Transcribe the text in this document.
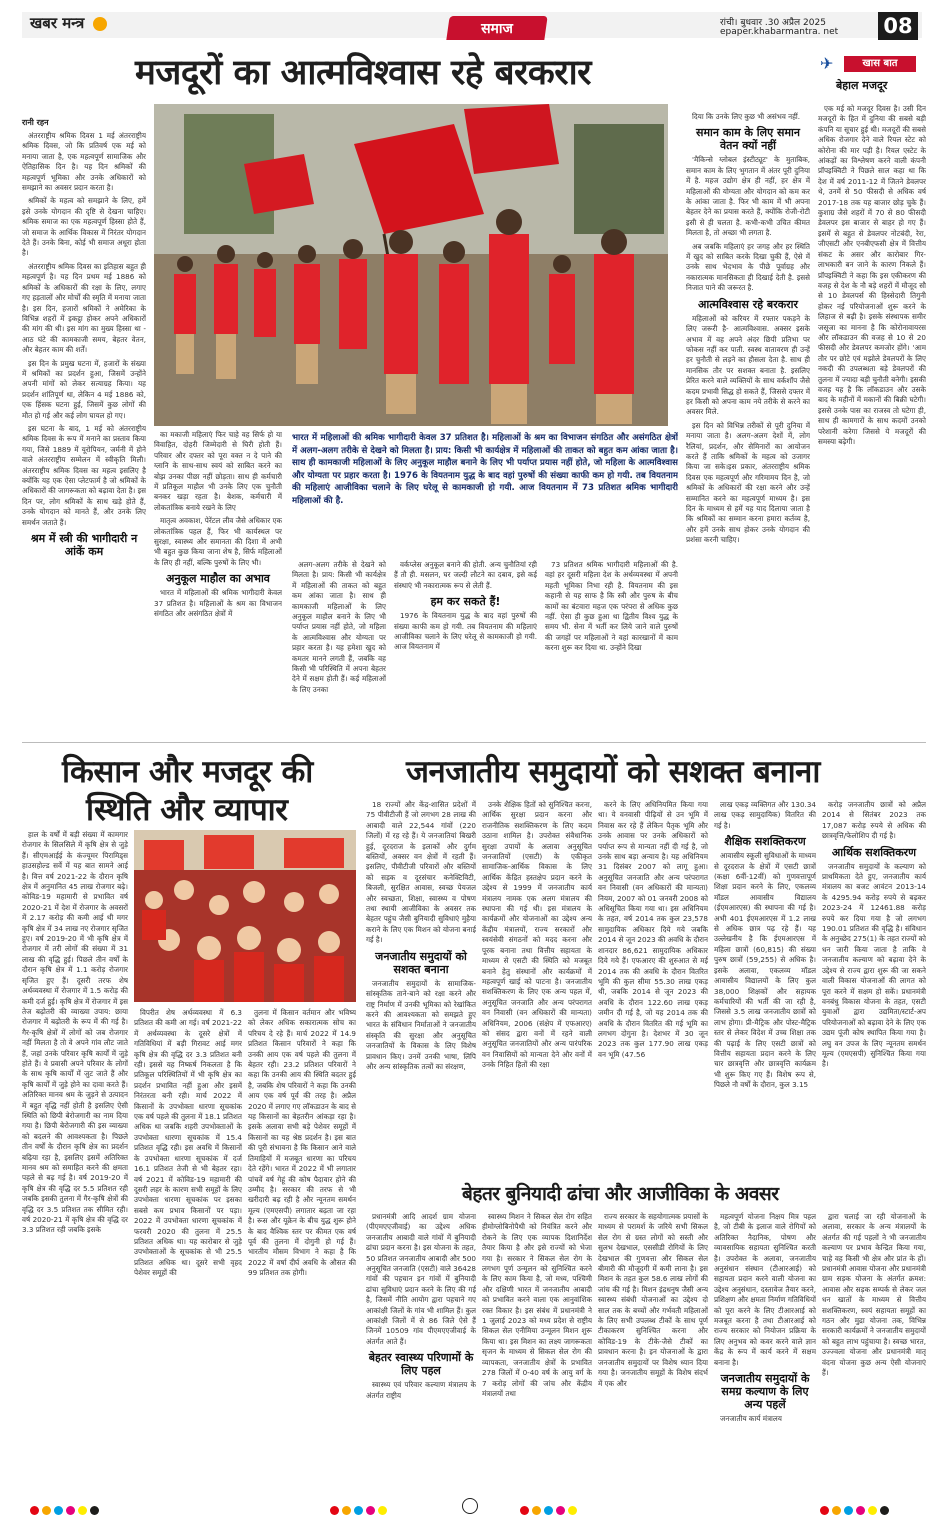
खबर मन्त्र	समाज	रांची। बुधवार .30 अप्रैल 2025
epaper.khabarmantra. net 08
मजदूरों का आत्मविश्वास रहे बरकरार	✈	खास बात
बेहाल मजदूर
रानी रहन

अंतरराष्ट्रीय श्रमिक दिवस 1 मई अंतरराष्ट्रीय श्रमिक दिवस, जो कि प्रतिवर्ष एक मई को मनाया जाता है, एक महत्वपूर्ण सामाजिक और ऐतिहासिक दिन है। यह दिन श्रमिकों की महत्वपूर्ण भूमिका और उनके अधिकारों को समझाने का अवसर प्रदान करता है।

श्रमिकों के महत्व को समझाने के लिए, हमें इसे उनके योगदान की दृष्टि से देखना चाहिए। श्रमिक समाज का एक महत्वपूर्ण हिस्सा होते हैं, जो समाज के आर्थिक विकास में निरंतर योगदान देते हैं। उनके बिना, कोई भी समाज अधूरा होता है।

अंतरराष्ट्रीय श्रमिक दिवस का इतिहास बहुत ही महत्वपूर्ण है। यह दिन प्रथम मई 1886 को श्रमिकों के अधिकारों की रक्षा के लिए, लगाए गए हड़तालों और मोर्चों की स्मृति में मनाया जाता है। इस दिन, हजारों श्रमिकों ने अमेरिका के विभिन्न शहरों में इकट्ठा होकर अपने अधिकारों की मांग की थी। इस मांग का मुख्य हिस्सा था - आठ घंटे की कामकाजी समय, बेहतर वेतन, और बेहतर काम की शर्तें।

इस दिन के प्रमुख घटना में, हजारों के संख्या में श्रमिकों का प्रदर्शन हुआ, जिसमें उन्होंने अपनी मांगों को लेकर सत्याग्रह किया। यह प्रदर्शन शांतिपूर्ण था, लेकिन 4 मई 1886 को, एक हिंसक घटना हुई, जिसमें कुछ लोगों की मौत हो गई और कई लोग घायल हो गए।

इस घटना के बाद, 1 मई को अंतरराष्ट्रीय श्रमिक दिवस के रूप में मनाने का प्रस्ताव किया गया, जिसे 1889 में यूरोपियन, जर्मनी में होने वाले अंतरराष्ट्रीय सम्मेलन में स्वीकृति मिली।अंतरराष्ट्रीय श्रमिक दिवस का महत्व इसलिए है क्योंकि यह एक ऐसा प्लेटफार्म है जो श्रमिकों के अधिकारों की जागरूकता को बढ़ावा देता है। इस दिन पर, लोग श्रमिकों के साथ खड़े होते हैं, उनके योगदान को मानते हैं, और उनके लिए समर्थन जताते हैं।

श्रम में स्त्री की भागीदारी न आंकें कम

का मकाजी महिलाएं फिर चाहे वह सिर्फ हो या विवाहित, दोहरी जिम्मेदारी से घिरी होती हैं। परिवार और दफ्तर को पूरा वक्त न दे पाने की ग्लानि के साथ-साथ स्वयं को साबित करने का बोझ उनका पीछा नहीं छोड़ता। साथ ही कर्मचारी में प्रतिकूल माहौल भी उनके लिए एक चुनौती बनकर खड़ा रहता है। बेशक, कर्मचारी में लोकतांत्रिक बनाये रखने के लिए

मातृत्व अवकाश, पेरेंटल लीव जैसे अधिकार एक लोकतांत्रिक पहल हैं, फिर भी कार्यस्थल पर सुरक्षा, स्वास्थ्य और समानता की दिशा में अभी भी बहुत कुछ किया जाना शेष है, सिर्फ महिलाओं के लिए ही नहीं, बल्कि पुरुषों के लिए भी।

अनुकूल माहौल का अभाव

भारत में महिलाओं की श्रमिक भागीदारी केवल 37 प्रतिशत है। महिलाओं के श्रम का विभाजन संगठित और असंगठित क्षेत्रों में

भारत में महिलाओं की श्रमिक भागीदारी केवल 37 प्रतिशत है। महिलाओं के श्रम का विभाजन संगठित और असंगठित क्षेत्रों में अलग-अलग तरीके से देखने को मिलता है। प्राय: किसी भी कार्यक्षेत्र में महिलाओं की ताकत को बहुत कम आंका जाता है। साथ ही कामकाजी महिलाओं के लिए अनुकूल माहौल बनाने के लिए भी पर्याप्त प्रयास नहीं होते, जो महिला के आत्मविश्वास और योग्यता पर प्रहार करता है। 1976 के वियतनाम युद्ध के बाद वहां पुरुषों की संख्या काफी कम हो गयी. तब वियतनाम की महिलाएं आजीविका चलाने के लिए घरेलू से कामकाजी हो गयी. आज वियतनाम में 73 प्रतिशत श्रमिक भागीदारी महिलाओं की है.

अलग-अलग तरीके से देखने को मिलता है। प्राय: किसी भी कार्यक्षेत्र में महिलाओं की ताकत को बहुत कम आंका जाता है। साथ ही कामकाजी महिलाओं के लिए अनुकूल माहौल बनाने के लिए भी पर्याप्त प्रयास नहीं होते, जो महिला के आत्मविश्वास और योग्यता पर प्रहार करता है। यह हमेशा खुद को कमतर मानने लगती हैं, जबकि वह किसी भी परिस्थिति में अपना बेहतर देने में सक्षम होती हैं। कई महिलाओं के लिए उनका

वर्कप्लेस अनुकूल बनाने की होती. अन्य चुनौतियां रही हैं तौ ही. मसलन, घर जल्दी लौटने का दबाव, इसे कई संस्थाएं भी नकारात्मक रूप से लेती हैं.

हम कर सकते हैं!

1976 के वियतनाम युद्ध के बाद वहां पुरुषों की संख्या काफी कम हो गयी. तब वियतनाम की महिलाएं आजीविका चलाने के लिए घरेलू से कामकाजी हो गयी. आज वियतनाम में

73 प्रतिशत श्रमिक भागीदारी महिलाओं की है. वहां हर दूसरी महिला देश के अर्थव्यवस्था में अपनी महती भूमिका निभा रही है. वियतनाम की इस कहानी से यह साफ है कि स्त्री और पुरुष के बीच कामों का बंटवारा महज एक परंपरा से अधिक कुछ नहीं. ऐसा ही कुछ हुआ था द्वितीय विश्व युद्ध के समय भी. सेना में भर्ती कर लिये जाने वाले पुरुषों की जगहों पर महिलाओं ने वहां कारखानों में काम करना शुरू कर दिया था. उन्होंने दिखा

दिया कि उनके लिए कुछ भी असंभव नहीं.

समान काम के लिए समान वेतन क्यों नहीं

'मैकिन्से ग्लोबल इंस्टीट्यूट' के मुताबिक, समान काम के लिए भुगतान में अंतर पूरी दुनिया में है. महज उद्योग क्षेत्र ही नहीं, हर क्षेत्र में महिलाओं की योग्यता और योगदान को कम कर के आंका जाता है. फिर भी काम में भी अपना बेहतर देने का प्रयास करते हैं, क्योंकि रोजी-रोटी इसी से ही चलता है. कभी-कभी उचित कीमत मिलता है, तो अच्छा भी लगता है.

अब जबकि महिलाएं हर जगह और हर स्थिति में खुद को साबित करके दिखा चुकी हैं, ऐसे में उनके साथ भेदभाव के पीछे पूर्वाग्रह और नकारात्मक मानसिकता ही दिखाई देती है. इससे निजात पाने की जरूरत है.

आत्मविश्वास रहे बरकरार

महिलाओं को करियर में रफ्तार पकड़ने के लिए जरूरी है- आत्मविश्वास. अक्सर इसके अभाव में वह अपने अंदर छिपी प्रतिभा पर फोकस नहीं कर पाती. स्वस्थ वातावरण ही उन्हें हर चुनौती से लड़ने का हौसला देता है. साथ ही मानसिक तौर पर सशक्त बनाता है. इसलिए प्रेरित करने वाले व्यक्तियों के साथ वर्कशॉप जैसे कदम प्रभावी सिद्ध हो सकते हैं, जिससे दफ्तर में हर किसी को अपना काम नये तरीके से करने का अवसर मिले.

इस दिन को विभिन्न तरीकों से पूरी दुनिया में मनाया जाता है। अलग-अलग देशों में, लोग रैलियां, प्रदर्शन, और सेमिनारों का आयोजन करते हैं ताकि श्रमिकों के महत्व को उजागर किया जा सके।इस प्रकार, अंतरराष्ट्रीय श्रमिक दिवस एक महत्वपूर्ण और गरिमामय दिन है, जो श्रमिकों के अधिकारों की रक्षा करने और उन्हें सम्मानित करने का महत्वपूर्ण माध्यम है। इस दिन के माध्यम से हमें यह याद दिलाया जाता है कि श्रमिकों का सम्मान करना हमारा कर्तव्य है, और हमें उनके साथ होकर उनके योगदान की प्रशंसा करनी चाहिए।

एक मई को मजदूर दिवस है। उसी दिन मजदूरों के हित में दुनिया की सबसे बड़ी कंपनि या सूचार हुई थी। मजदूरों की सबसे अधिक रोजगार देने वाले रियल स्टेट को कोरोना की मार पड़ी है। रियल एस्टेट के आंकड़ों का विश्लेषण करने वाली कंपनी प्रॉपइक्विटी ने पिछले साल कहा था कि देश में वर्ष 2011-12 में जितने डेवलपर थे, उनमें से 50 फीसदी से अधिक वर्ष 2017-18 तक यह बाजार छोड़ चुके हैं। कुशाग्र जैसे शहरों में 70 से 80 फीसदी डेवलपर इस बाजार से बाहर हो गए हैं। इसमें से बहुत से डेवलपर नोटबंदी, रेरा, जीएसटी और एनबीएफसी क्षेत्र में वित्तीय संकट के असर और कारोबार गिर-लाभकारी बन जाने के कारण निकले हैं। प्रॉपइक्विटी ने कहा कि इस एकीकरण की वजह से देश के नौ बड़े शहरों में मौजूद सौ से 10 डेवलपर्स की हिस्सेदारी तिगुनी होकर नई परियोजनाओं शुरू करने के लिहाज से बढ़ी है। इसके संस्थापक समीर जसूजा का मानना है कि कोरोनावायरस और लॉकडाउन की वजह से 10 से 20 फीसदी और डेवलपर कमजोर होंगे। 'आम तौर पर छोटे एवं मझोले डेवलपरों के लिए नकदी की उपलब्धता बड़े डेवलपरों की तुलना में ज्यादा बड़ी चुनौती बनेगी। इसकी वजह यह है कि लॉकडाउन और उसके बाद के महीनों में मकानों की बिक्री घटेगी। इससे उनके पास का राजस्व तो घटेगा ही, साथ ही कामगारों के साथ कदमों उनको परेशानी करेगा जिससे ये मजदूरों की समस्या बढ़ेगी।

किसान और मजदूर की
स्थिति और व्यापार

हाल के वर्षों में बड़ी संख्या में कामगार रोजगार के सिलसिले में कृषि क्षेत्र से जुड़े हैं। सीएमआईई के कंज्यूमर पिरामिड्स हाउसहोल्ड सर्वे में यह बात सामने आई है। वित्त वर्ष 2021-22 के दौरान कृषि क्षेत्र में अनुमानित 45 लाख रोजगार बढ़े। कोविड-19 महामारी से प्रभावित वर्ष 2020-21 में देश में रोजगार के अवसरों में 2.17 करोड़ की कमी आई थी मगर कृषि क्षेत्र में 34 लाख नए रोजगार सृजित हुए। वर्ष 2019-20 में भी कृषि क्षेत्र में रोजगार में तरी लोगों की संख्या में 31 लाख की वृद्धि हुई। पिछले तीन वर्षों के दौरान कृषि क्षेत्र में 1.1 करोड़ रोजगार सृजित हुए हैं। दूसरी तरफ शेष अर्थव्यवस्था में रोजगार में 1.5 करोड़ की कमी दर्ज हुई। कृषि क्षेत्र में रोजगार में इस तेज बढ़ोतरी की व्याख्या उपाय: छाया रोजगार में बढ़ोतरी के रूप में की गई है। गैर-कृषि क्षेत्रों में लोगों को जब रोजगार नहीं मिलता है तो वे अपने गांव लौट जाते हैं, जहां उनके परिवार कृषि कार्यों में जुड़े होते हैं। वे प्रवासी अपने परिवार के लोगों के साथ कृषि कार्यों में जुट जाते हैं और कृषि कार्यों में जुड़े होने का दावा करते हैं। अतिरिक्त मानव श्रम के जुड़ने से उत्पादन में बहुत वृद्धि नहीं होती है इसलिए ऐसी स्थिति को छिपी बेरोजगारी का नाम दिया गया है। छिपी बेरोजगारी की इस व्याख्या को बदलने की आवश्यकता है। पिछले तीन वर्षों के दौरान कृषि क्षेत्र का प्रदर्शन बढ़िया रहा है, इसलिए इसमें अतिरिक्त मानव श्रम को समाहित करने की क्षमता पहले से बढ़ गई है। वर्ष 2019-20 में कृषि क्षेत्र की वृद्धि दर 5.5 प्रतिशत रही जबकि इसकी तुलना में गैर-कृषि क्षेत्रों की वृद्धि दर 3.5 प्रतिशत तक सीमित रही। वर्ष 2020-21 में कृषि क्षेत्र की वृद्धि दर 3.3 प्रतिशत रही जबकि इसके

विपरीत शेष अर्थव्यवस्था में 6.3 प्रतिशत की कमी आ गई। वर्ष 2021-22 में अर्थव्यवस्था के दूसरे क्षेत्रों में गतिविधियां में बड़ी गिरावट आई मगर कृषि क्षेत्र की वृद्धि दर 3.3 प्रतिशत बनी रही। इससे यह निष्कर्ष निकलता है कि प्रतिकूल परिस्थितियों में भी कृषि क्षेत्र का प्रदर्शन प्रभावित नहीं हुआ और इसमें निरंतरता बनी रही। मार्च 2022 में किसानों के उपभोक्ता धारणा सूचकांक एक वर्ष पहले की तुलना में 18.1 प्रतिशत अधिक था जबकि शहरी उपभोक्ताओं के उपभोक्ता धारणा सूचकांक में 15.4 प्रतिशत वृद्धि रही। इस अवधि में किसानों के उपभोक्ता धारणा सूचकांक में दर्ज 16.1 प्रतिशत तेजी से भी बेहतर रहा। वर्ष 2021 में कोविड-19 महामारी की दूसरी लहर के कारण सभी समूहों के लिए उपभोक्ता धारणा सूचकांक पर इसका सबसे कम प्रभाव किसानों पर पड़ा। 2022 में उपभोक्ता धारणा सूचकांक में फरवरी 2020 की तुलना में 25.5 प्रतिशत अधिक था। यह कारोबार से जुड़े उपभोक्ताओं के सूचकांक से भी 25.5 प्रतिशत अधिक था। दूसरे सभी वृहद पेशेवर समूहों की

तुलना में किसान वर्तमान और भविष्य को लेकर अधिक सकारात्मक सोच का परिचय दे रहे हैं। मार्च 2022 में 14.9 प्रतिशत किसान परिवारों ने कहा कि उनकी आय एक वर्ष पहले की तुलना में बेहतर रही। 23.2 प्रतिशत परिवारों ने कहा कि उनकी आय की स्थिति बदतर हुई है, जबकि शेष परिवारों ने कहा कि उनकी आय एक वर्ष पूर्व की तरह है। अप्रैल 2020 में लगाए गए लॉकडाउन के बाद से यह किसानों का बेहतरीन आंकड़ा रहा है। इसके अलावा सभी बड़े पेशेवर समूहों में किसानों का यह श्रेष्ठ प्रदर्शन है। इस बात की पूरी संभावना है कि किसान आने वाले तिमाहियों में मजबूत धारणा का परिचय देते रहेंगे। भारत में 2022 में भी लगातार पांचवें वर्ष गेहूं की कोष पैदावार होने की उम्मीद है। सरकार की तरफ से भी खरीदारी बढ़ रही है और न्यूनतम समर्थन मूल्य (एमएसपी) लगातार बढ़ता जा रहा है। रूस और यूक्रेन के बीच युद्ध शुरू होने के बाद वैश्विक स्तर पर कीमत एक वर्ष पूर्व की तुलना में दोगुनी हो गई हैं। भारतीय मौसम विभाग ने कहा है कि 2022 में वर्षा दीर्घ अवधि के औसत की 99 प्रतिशत तक होगी।

जनजातीय समुदायों को सशक्त बनाना

18 राज्यों और केंद्र-शासित प्रदेशों में 75 पीवीटीजी हैं जो लगभग 28 लाख की आबादी वाले 22,544 गांवों (220 जिलों) में रह रहे हैं। ये जनजातियां बिखरी हुई, दूरदराज के इलाकों और दुर्गम बस्तियों, अक्सर वन क्षेत्रों में रहती हैं। इसलिए, पीवीटीजी परिवारों और बस्तियों को सड़क व दूरसंचार कनेक्टिविटी, बिजली, सुरक्षित आवास, स्वच्छ पेयजल और स्वच्छता, शिक्षा, स्वास्थ्य व पोषण तथा स्थायी आजीविका के अवसर तक बेहतर पहुंच जैसी बुनियादी सुविधाएं मुहैया कराने के लिए एक मिशन को योजना बनाई गई है।

जनजातीय समुदायों को सशक्त बनाना

जनजातीय समुदायों के सामाजिक-सांस्कृतिक ताने-बाने को रक्षा करने और राष्ट्र निर्माण में उनकी भूमिका को रेखांकित करने की आवश्यकता को समझते हुए भारत के संविधान निर्माताओं ने जनजातीय संस्कृति की सुरक्षा और अनुसूचित जनजातियों के विकास के लिए विशेष प्रावधान किए। उनमें उनकी भाषा, लिपि और अन्य सांस्कृतिक तत्वों का संरक्षण,

उनके शैक्षिक हितों को सुनिश्चित करना, आर्थिक सुरक्षा प्रदान करना और राजनीतिक सशक्तिकरण के लिए कदम उठाना शामिल है। उपरोक्त संवैधानिक सुरक्षा उपायों के अलावा अनुसूचित जनजातियों (एसटी) के एकीकृत सामाजिक-आर्थिक विकास के लिए आर्थिक केंद्रित हस्तक्षेप प्रदान करने के उद्देश्य से 1999 में जनजातीय कार्य मंत्रालय नामक एक अलग मंत्रालय की स्थापना की गई थी। इस मंत्रालय के कार्यक्रमों और योजनाओं का उद्देश्य अन्य केंद्रीय मंत्रालयों, राज्य सरकारों और स्वयंसेवी संगठनों को मदद करना और पूरक बनाना तथा वित्तीय सहायता के माध्यम से एसटी की स्थिति को मजबूत बनाने हेतु संस्थानों और कार्यक्रमों में महत्वपूर्ण खाई को पाटना है। जनजातीय सशक्तिकरण के लिए एक अन्य पहल में, अनुसूचित जनजाति और अन्य परंपरागत वन निवासी (वन अधिकारों की मान्यता) अधिनियम, 2006 (संक्षेप में एफआरए) को संसद द्वारा वनों में रहने वाली अनुसूचित जनजातियों और अन्य पारंपरिक वन निवासियों को मान्यता देने और वनों में उनके निहित हितों की रक्षा

करने के लिए अधिनियमित किया गया था। ये वनवासी पीढ़ियों से उन भूमि में निवास कर रहे हैं लेकिन पैतृक भूमि और उनके आवास पर उनके अधिकारों को पर्याप्त रूप से मान्यता नहीं दी गई है, जो उनके साथ बड़ा अन्याय है। यह अधिनियम 31 दिसंबर 2007 को लागू हुआ। अनुसूचित जनजाति और अन्य परंपरागत वन निवासी (वन अधिकारों की मान्यता) नियम, 2007 को 01 जनवरी 2008 को अधिसूचित किया गया था। इस अधिनियम के तहत, वर्ष 2014 तक कुल 23,578 सामुदायिक अधिकार दिये गये जबकि 2014 से जून 2023 की अवधि के दौरान शानदार 86,621 सामुदायिक अधिकार दिये गये हैं। एफआरए की शुरुआत से मई 2014 तक की अवधि के दौरान वितरित भूमि की कुल सीमा 55.30 लाख एकड़ थी, जबकि 2014 से जून 2023 की अवधि के दौरान 122.60 लाख एकड़ जमीन दी गई है, जो यह 2014 तक की अवधि के दौरान वितरित की गई भूमि का लगभग दोगुना है। देशभर में 30 जून 2023 तक कुल 177.90 लाख एकड़ वन भूमि (47.56

लाख एकड़ व्यक्तिगत और 130.34 लाख एकड़ सामुदायिक) वितरित की गई है।

शैक्षिक सशक्तिकरण

आवासीय स्कूली सुविधाओं के माध्यम से दूरदराज के क्षेत्रों में एसटी छात्रों (कक्षा 6वीं-12वीं) को गुणवत्तापूर्ण शिक्षा प्रदान करने के लिए, एकलव्य मॉडल आवासीय विद्यालय (ईएमआरएस) की स्थापना की गई है। अभी 401 ईएमआरएस में 1.2 लाख से अधिक छात्र पढ़ रहे हैं। यह उल्लेखनीय है कि ईएमआरएस में महिला छात्रों (60,815) की संख्या पुरुष छात्रों (59,255) से अधिक है। इसके अलावा, एकलव्य मॉडल आवासीय विद्यालयों के लिए कुल 38,000 शिक्षकों और सहायक कर्मचारियों की भर्ती की जा रही है, जिससे 3.5 लाख जनजातीय छात्रों को लाभ होगा। प्री-मैट्रिक और पोस्ट-मैट्रिक स्तर से लेकर विदेश में उच्च शिक्षा तक की पढ़ाई के लिए एसटी छात्रों को वित्तीय सहायता प्रदान करने के लिए चार छात्रवृत्ति और छात्रवृत्ति कार्यक्रम भी शुरू किए गए हैं। विशेष रूप से, पिछले नौ वर्षों के दौरान, कुल 3.15

करोड़ जनजातीय छात्रों को अप्रैल 2014 से सितंबर 2023 तक 17,087 करोड़ रुपये से अधिक की छात्रवृत्ति/फेलोशिप दी गई है।

आर्थिक सशक्तिकरण

जनजातीय समुदायों के कल्याण को प्राथमिकता देते हुए, जनजातीय कार्य मंत्रालय का बजट आवंटन 2013-14 के 4295.94 करोड़ रुपये से बढ़कर 2023-24 में 12461.88 करोड़ रुपये कर दिया गया है जो लगभग 190.01 प्रतिशत की वृद्धि है। संविधान के अनुच्छेद 275(1) के तहत राज्यों को धन जारी किया जाता है ताकि वे जनजातीय कल्याण को बढ़ावा देने के उद्देश्य से राज्य द्वारा शुरू की जा सकने वाली विकास योजनाओं की लागत को पूरा करने में सक्षम हो सकें। प्रधानमंत्री वनबंधु विकास योजना के तहत, एसटी युवाओं द्वारा उद्यमिता/स्टार्ट-अप परियोजनाओं को बढ़ावा देने के लिए एक उद्यम पूंजी कोष स्थापित किया गया है। लघु वन उपज के लिए न्यूनतम समर्थन मूल्य (एमएसपी) सुनिश्चित किया गया है।

बेहतर बुनियादी ढांचा और आजीविका के अवसर

प्रधानमंत्री आदि आदर्श ग्राम योजना (पीएमएएजीवाई) का उद्देश्य अधिक जनजातीय आबादी वाले गांवों में बुनियादी ढांचा प्रदान करना है। इस योजना के तहत, 50 प्रतिशत जनजातीय आबादी और 500 अनुसूचित जनजाति (एसटी) वाले 36428 गांवों की पहचान इन गांवों में बुनियादी ढांचा सुविधाएं प्रदान करने के लिए की गई है, जिसमें नीति आयोग द्वारा पहचाने गए आकांक्षी जिलों के गांव भी शामिल हैं। कुल आकांक्षी जिलों में से 86 जिले ऐसे हैं जिनमें 10509 गांव पीएमएएजीवाई के अंतर्गत आते हैं।

बेहतर स्वास्थ्य परिणामों के लिए पहल

स्वास्थ्य एवं परिवार कल्याण मंत्रालय के अंतर्गत राष्ट्रीय

स्वास्थ्य मिशन ने सिकल सेल रोग सहित हीमोग्लोबिनोपैथी को नियंत्रित करने और रोकने के लिए एक व्यापक दिशानिर्देश तैयार किया है और इसे राज्यों को भेजा गया है। सरकार ने सिकल सेल रोग के लगभग पूर्ण उन्मूलन को सुनिश्चित करने के लिए काम किया है, जो मध्य, पश्चिमी और दक्षिणी भारत में जनजातीय आबादी को प्रभावित करने वाला एक आनुवांशिक रक्त विकार है। इस संबंध में प्रधानमंत्री ने 1 जुलाई 2023 को मध्य प्रदेश से राष्ट्रीय सिकल सेल एनीमिया उन्मूलन मिशन शुरू किया था। इस मिशन का लक्ष्य जागरूकता सृजन के माध्यम से सिकल सेल रोग की व्यापकता, जनजातीय क्षेत्रों के प्रभावित 278 जिलों में 0-40 वर्ष के आयु वर्ग के 7 करोड़ लोगों की जांच और केंद्रीय मंत्रालयों तथा

राज्य सरकार के सहयोगात्मक प्रयासों के माध्यम से परामर्श के जरिये सभी सिकल सेल रोग से ग्रस्त लोगों को सस्ती और सुलभ देखभाल, एससीडी रोगियों के लिए देखभाल की गुणवत्ता और सिकल सेल बीमारी की मौजूदगी में कमी लाना है। इस मिशन के तहत कुल 58.6 लाख लोगों की जांच की गई है। मिशन इंद्रधनुष जैसी अन्य स्वास्थ्य संबंधी योजनाओं का उद्देश्य दो साल तक के बच्चों और गर्भवती महिलाओं के लिए सभी उपलब्ध टीकों के साथ पूर्ण टीकाकरण सुनिश्चित करना और कोविड-19 के टीके-जैसे टीकों का प्रावधान करना है। इन योजनाओं के द्वारा जनजातीय समुदायों पर विशेष ध्यान दिया गया है। जनजातीय समूहों के विशेष संदर्भ में एक और

महत्वपूर्ण योजना निक्षय मित्र पहल है, जो टीबी के इलाज वाले रोगियों को अतिरिक्त नैदानिक, पोषण और व्यावसायिक सहायता सुनिश्चित करती है। उपरोक्त के अलावा, जनजातीय अनुसंधान संस्थान (टीआरआई) को सहायता प्रदान करने वाली योजना का उद्देश्य अनुसंधान, दस्तावेज तैयार करने, प्रशिक्षण और क्षमता निर्माण गतिविधियों को पूरा करने के लिए टीआरआई को मजबूत करना है तथा टीआरआई को राज्य सरकार को नियोजन प्रक्रिया के लिए अनुभव को कवर करने वाले ज्ञान केंद्र के रूप में कार्य करने में सक्षम बनाना है।

जनजातीय समुदायों के समग्र कल्याण के लिए अन्य पहलें

जनजातीय कार्य मंत्रालय

द्वारा चलाई जा रही योजनाओं के अलावा, सरकार के अन्य मंत्रालयों के अंतर्गत की गई पहलों ने भी जनजातीय कल्याण पर प्रभाव केन्द्रित किया गया, चाहे वह किसी भी क्षेत्र और प्रांत के हों। प्रधानमंत्री आवास योजना और प्रधानमंत्री ग्राम सड़क योजना के अंतर्गत क्रमश: आवास और सड़क सम्पर्क से लेकर जल धन खातों के माध्यम से वित्तीय सशक्तिकरण, स्वयं सहायता समूहों का गठन और मुद्रा योजना तक, विभिन्न सरकारी कार्यक्रमों ने जनजातीय समुदायों को बहुत लाभ पहुंचाया है। स्वच्छ भारत, उज्ज्वला योजना और प्रधानमंत्री मातृ वंदना योजना कुछ अन्य ऐसी योजनाएं हैं।
